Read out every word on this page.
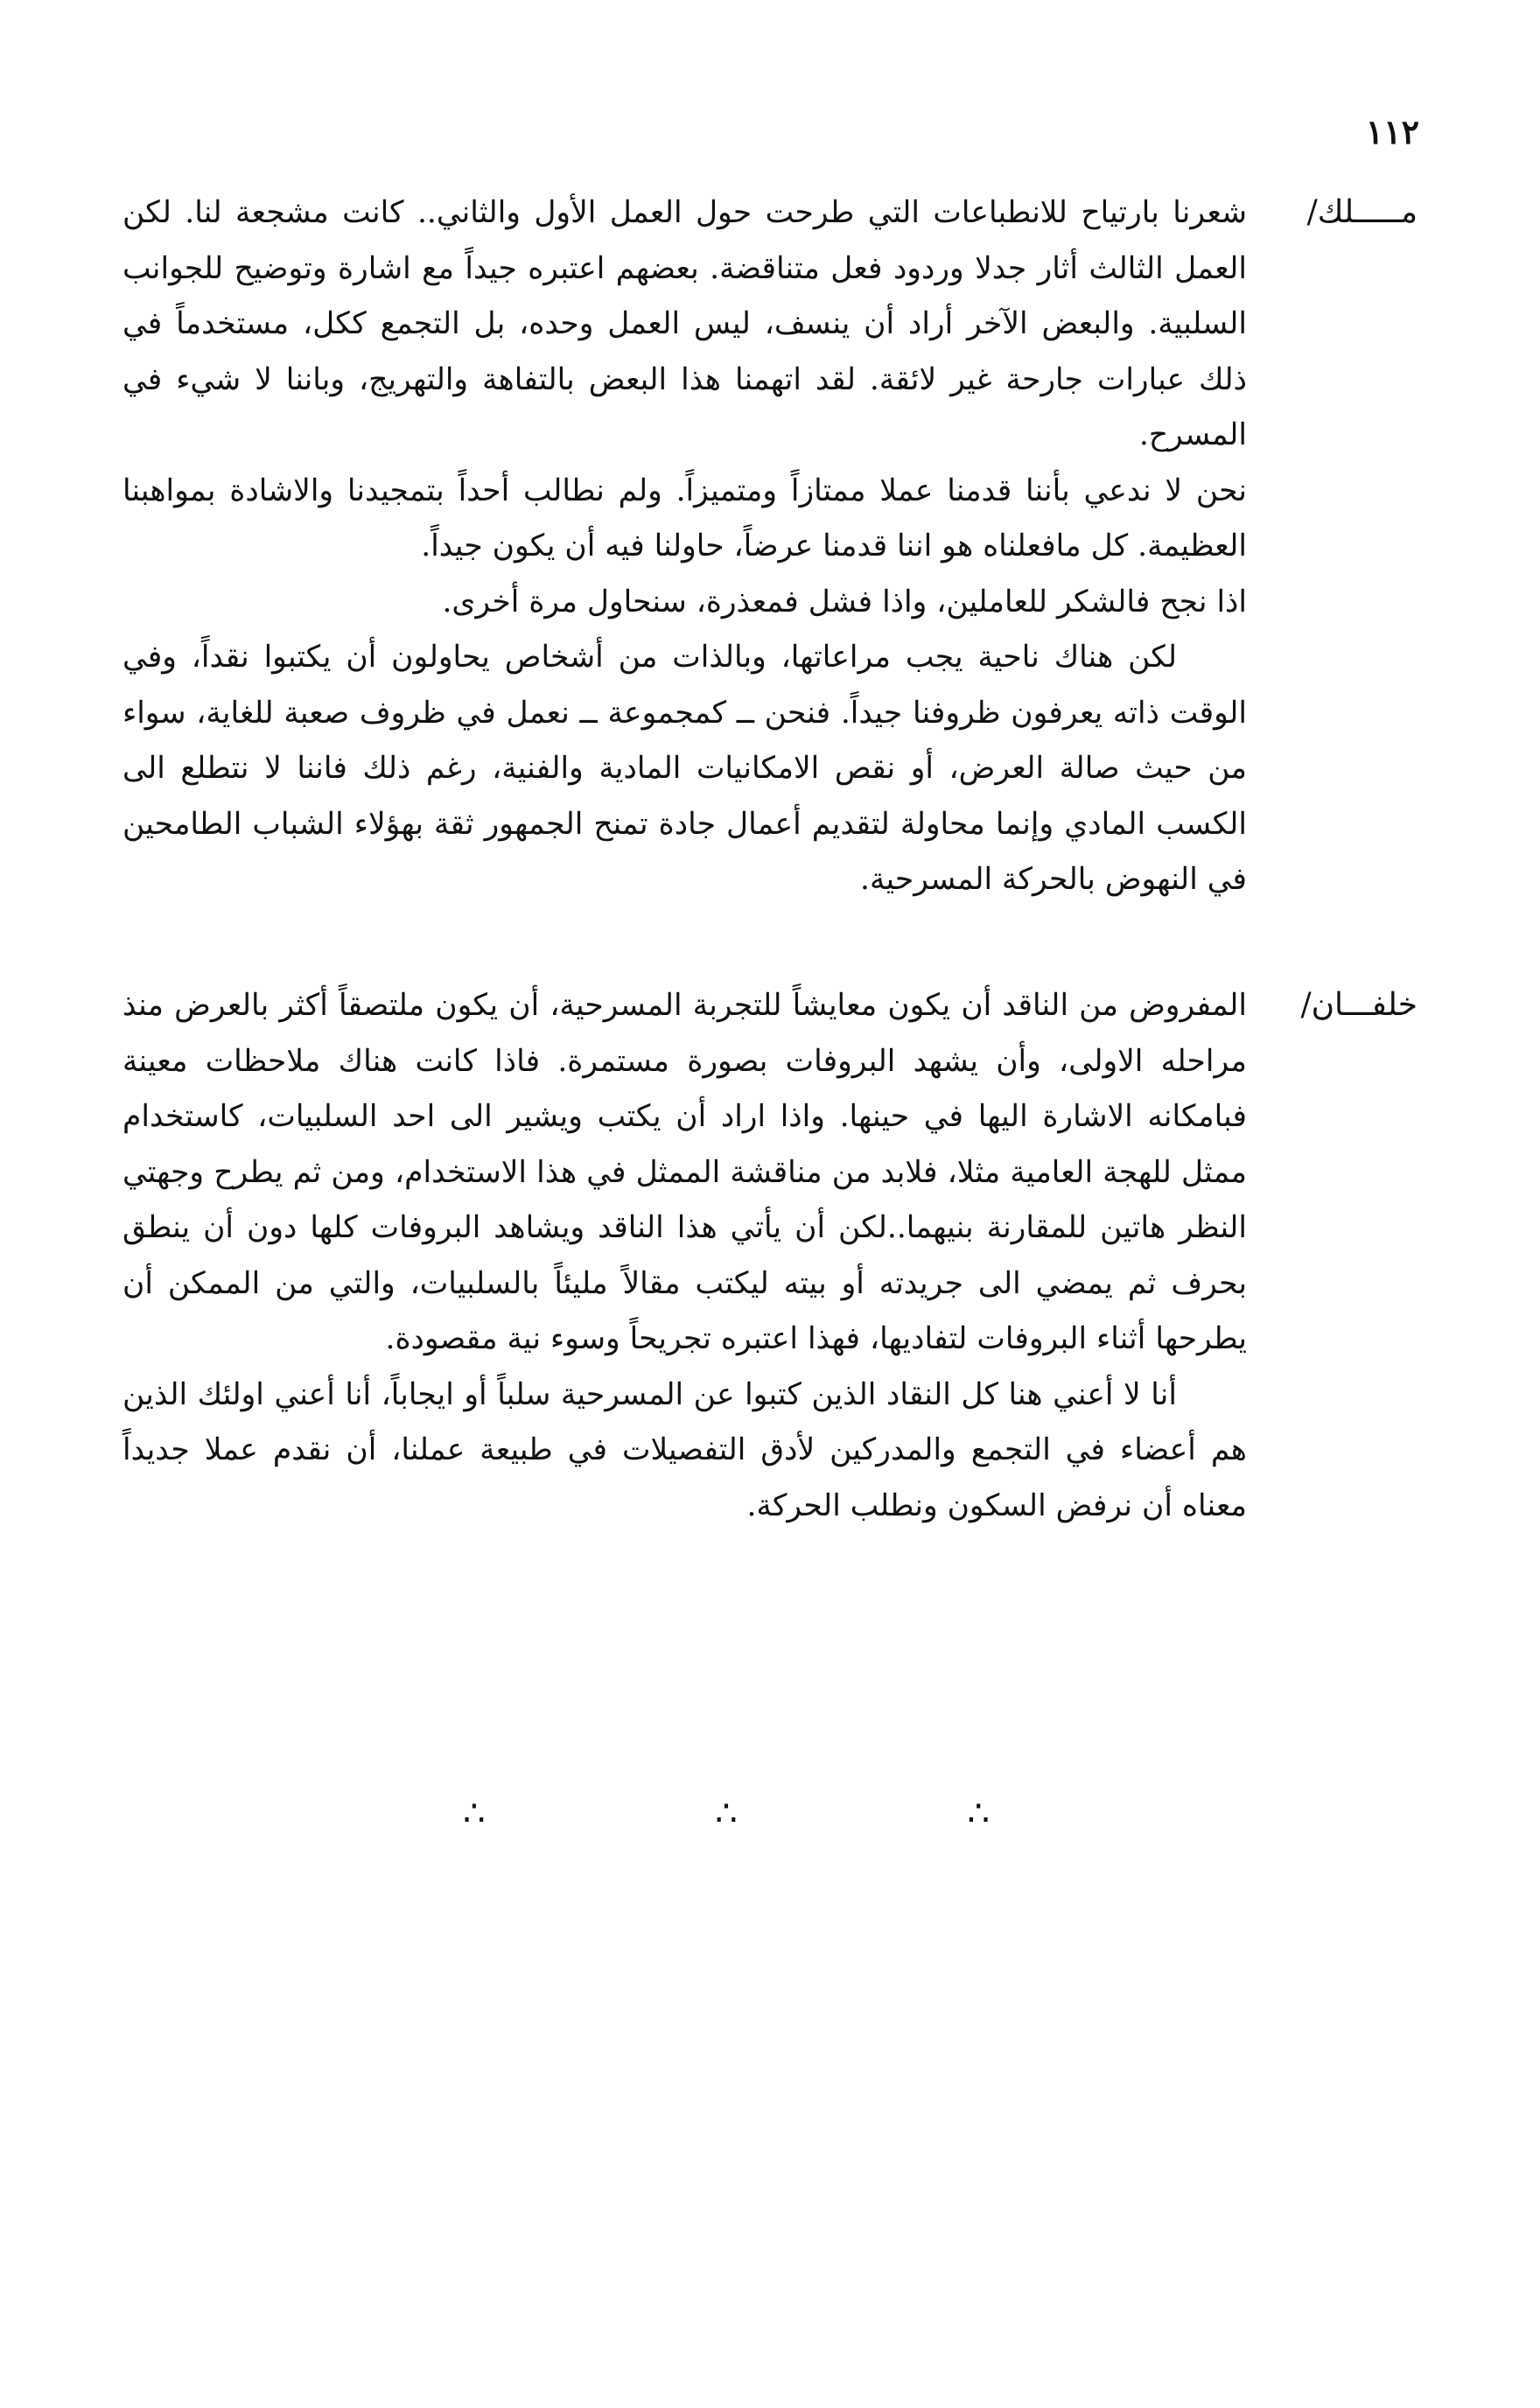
١١٢
مـــــلك/

شعرنا بارتياح للانطباعات التي طرحت حول العمل الأول والثاني.. كانت مشجعة لنا. لكن العمل الثالث أثار جدلا وردود فعل متناقضة. بعضهم اعتبره جيداً مع اشارة وتوضيح للجوانب السلبية. والبعض الآخر أراد أن ينسف، ليس العمل وحده، بل التجمع ككل، مستخدماً في ذلك عبارات جارحة غير لائقة. لقد اتهمنا هذا البعض بالتفاهة والتهريج، وباننا لا شيء في المسرح.

نحن لا ندعي بأننا قدمنا عملا ممتازاً ومتميزاً. ولم نطالب أحداً بتمجيدنا والاشادة بمواهبنا العظيمة. كل مافعلناه هو اننا قدمنا عرضاً، حاولنا فيه أن يكون جيداً.

اذا نجح فالشكر للعاملين، واذا فشل فمعذرة، سنحاول مرة أخرى.

لكن هناك ناحية يجب مراعاتها، وبالذات من أشخاص يحاولون أن يكتبوا نقداً، وفي الوقت ذاته يعرفون ظروفنا جيداً. فنحن ــ كمجموعة ــ نعمل في ظروف صعبة للغاية، سواء من حيث صالة العرض، أو نقص الامكانيات المادية والفنية، رغم ذلك فاننا لا نتطلع الى الكسب المادي وإنما محاولة لتقديم أعمال جادة تمنح الجمهور ثقة بهؤلاء الشباب الطامحين في النهوض بالحركة المسرحية.

خلفـــان/

المفروض من الناقد أن يكون معايشاً للتجربة المسرحية، أن يكون ملتصقاً أكثر بالعرض منذ مراحله الاولى، وأن يشهد البروفات بصورة مستمرة. فاذا كانت هناك ملاحظات معينة فبامكانه الاشارة اليها في حينها. واذا اراد أن يكتب ويشير الى احد السلبيات، كاستخدام ممثل للهجة العامية مثلا، فلابد من مناقشة الممثل في هذا الاستخدام، ومن ثم يطرح وجهتي النظر هاتين للمقارنة بنيهما..لكن أن يأتي هذا الناقد ويشاهد البروفات كلها دون أن ينطق بحرف ثم يمضي الى جريدته أو بيته ليكتب مقالاً مليئاً بالسلبيات، والتي من الممكن أن يطرحها أثناء البروفات لتفاديها، فهذا اعتبره تجريحاً وسوء نية مقصودة.

أنا لا أعني هنا كل النقاد الذين كتبوا عن المسرحية سلباً أو ايجاباً، أنا أعني اولئك الذين هم أعضاء في التجمع والمدركين لأدق التفصيلات في طبيعة عملنا، أن نقدم عملا جديداً معناه أن نرفض السكون ونطلب الحركة.

∴	∴	∴
